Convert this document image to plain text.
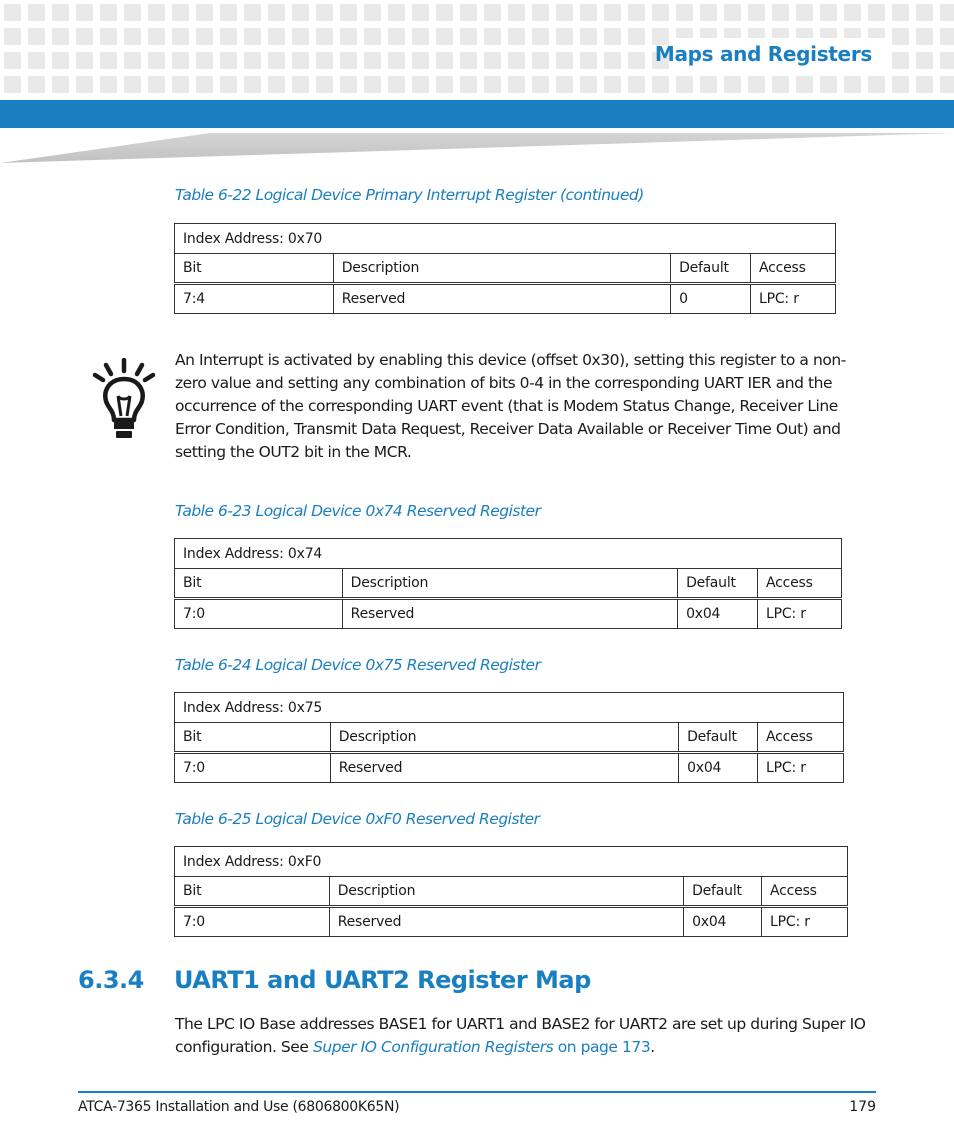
Maps and Registers
Table 6-22 Logical Device Primary Interrupt Register (continued)
Index Address: 0x70			
Bit	Description	Default	Access
7:4	Reserved	0	LPC: r
An Interrupt is activated by enabling this device (offset 0x30), setting this register to a non-
zero value and setting any combination of bits 0-4 in the corresponding UART IER and the
occurrence of the corresponding UART event (that is Modem Status Change, Receiver Line
Error Condition, Transmit Data Request, Receiver Data Available or Receiver Time Out) and
setting the OUT2 bit in the MCR.
Table 6-23 Logical Device 0x74 Reserved Register
Index Address: 0x74			
Bit	Description	Default	Access
7:0	Reserved	0x04	LPC: r
Table 6-24 Logical Device 0x75 Reserved Register
Index Address: 0x75			
Bit	Description	Default	Access
7:0	Reserved	0x04	LPC: r
Table 6-25 Logical Device 0xF0 Reserved Register
Index Address: 0xF0			
Bit	Description	Default	Access
7:0	Reserved	0x04	LPC: r
6.3.4 UART1 and UART2 Register Map
The LPC IO Base addresses BASE1 for UART1 and BASE2 for UART2 are set up during Super IO
configuration. See Super IO Configuration Registers on page 173.
ATCA-7365 Installation and Use (6806800K65N)	179
